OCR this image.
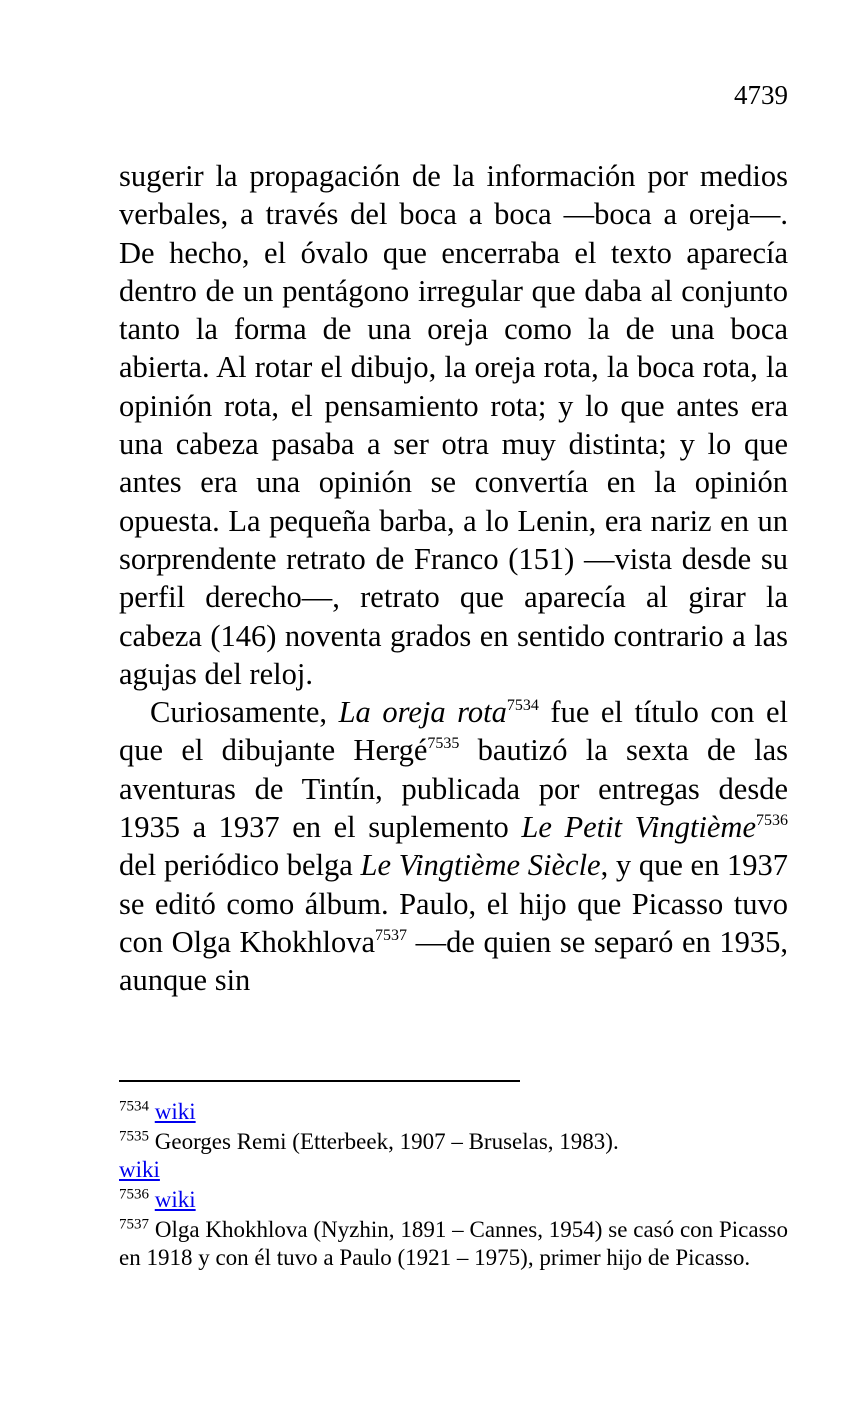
4739

sugerir la propagación de la información por medios verbales, a través del boca a boca —boca a oreja—. De hecho, el óvalo que encerraba el texto aparecía dentro de un pentágono irregular que daba al conjunto tanto la forma de una oreja como la de una boca abierta. Al rotar el dibujo, la oreja rota, la boca rota, la opinión rota, el pensamiento rota; y lo que antes era una cabeza pasaba a ser otra muy distinta; y lo que antes era una opinión se convertía en la opinión opuesta. La pequeña barba, a lo Lenin, era nariz en un sorprendente retrato de Franco (151) —vista desde su perfil derecho—, retrato que aparecía al girar la cabeza (146) noventa grados en sentido contrario a las agujas del reloj.

Curiosamente, La oreja rota$^{7534}$ fue el título con el que el dibujante Hergé$^{7535}$ bautizó la sexta de las aventuras de Tintín, publicada por entregas desde 1935 a 1937 en el suplemento Le Petit Vingtième$^{7536}$ del periódico belga Le Vingtième Siècle, y que en 1937 se editó como álbum. Paulo, el hijo que Picasso tuvo con Olga Khokhlova$^{7537}$ —de quien se separó en 1935, aunque sin

$^{7534}$ wiki
$^{7535}$ Georges Remi (Etterbeek, 1907 – Bruselas, 1983).
wiki
$^{7536}$ wiki
$^{7537}$ Olga Khokhlova (Nyzhin, 1891 – Cannes, 1954) se casó con Picasso en 1918 y con él tuvo a Paulo (1921 – 1975), primer hijo de Picasso.
